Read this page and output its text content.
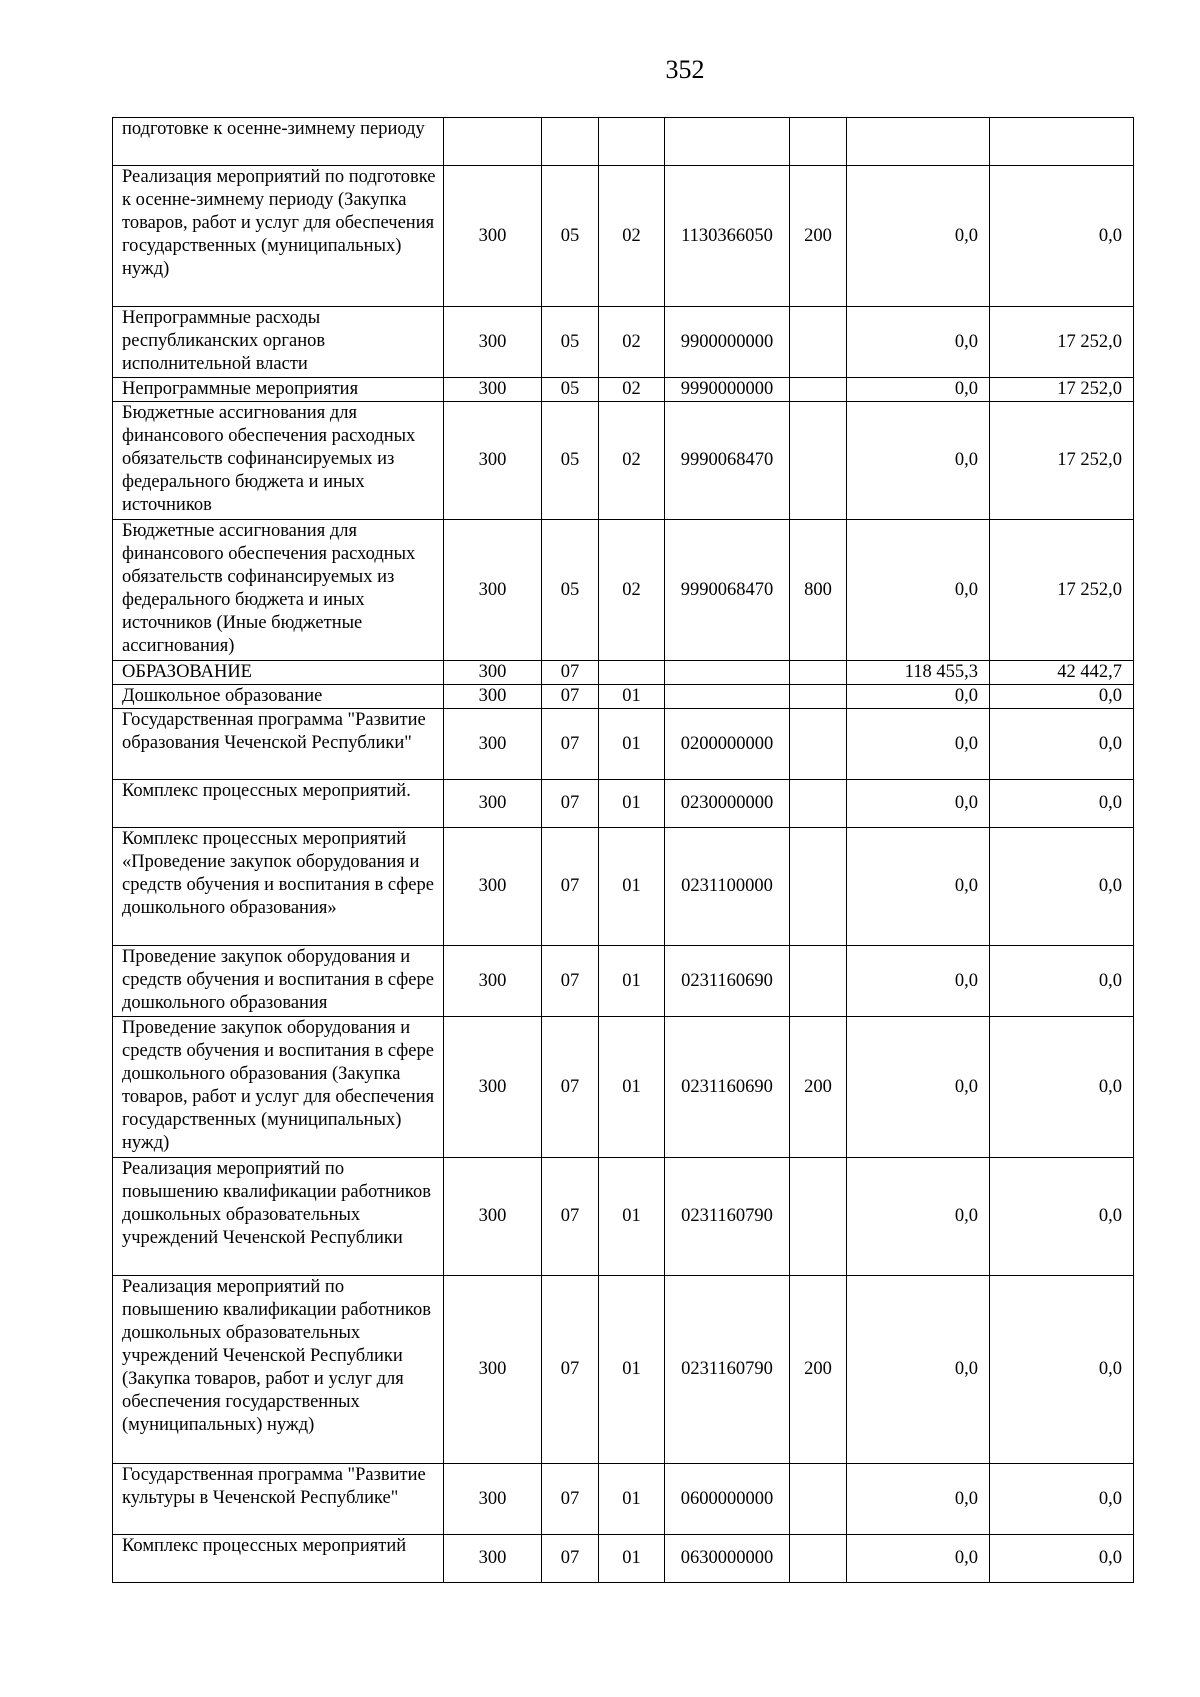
352
подготовке к осенне-зимнему периоду							
Реализация мероприятий по подготовке к осенне-зимнему периоду (Закупка товаров, работ и услуг для обеспечения государственных (муниципальных) нужд)	300	05	02	1130366050	200	0,0	0,0
Непрограммные расходы республиканских органов исполнительной власти	300	05	02	9900000000		0,0	17 252,0
Непрограммные мероприятия	300	05	02	9990000000		0,0	17 252,0
Бюджетные ассигнования для финансового обеспечения расходных обязательств софинансируемых из федерального бюджета и иных источников	300	05	02	9990068470		0,0	17 252,0
Бюджетные ассигнования для финансового обеспечения расходных обязательств софинансируемых из федерального бюджета и иных источников (Иные бюджетные ассигнования)	300	05	02	9990068470	800	0,0	17 252,0
ОБРАЗОВАНИЕ	300	07				118 455,3	42 442,7
Дошкольное образование	300	07	01			0,0	0,0
Государственная программа "Развитие образования Чеченской Республики"	300	07	01	0200000000		0,0	0,0
Комплекс процессных мероприятий.	300	07	01	0230000000		0,0	0,0
Комплекс процессных мероприятий «Проведение закупок оборудования и средств обучения и воспитания в сфере дошкольного образования»	300	07	01	0231100000		0,0	0,0
Проведение закупок оборудования и средств обучения и воспитания в сфере дошкольного образования	300	07	01	0231160690		0,0	0,0
Проведение закупок оборудования и средств обучения и воспитания в сфере дошкольного образования (Закупка товаров, работ и услуг для обеспечения государственных (муниципальных) нужд)	300	07	01	0231160690	200	0,0	0,0
Реализация мероприятий по повышению квалификации работников дошкольных образовательных учреждений Чеченской Республики	300	07	01	0231160790		0,0	0,0
Реализация мероприятий по повышению квалификации работников дошкольных образовательных учреждений Чеченской Республики (Закупка товаров, работ и услуг для обеспечения государственных (муниципальных) нужд)	300	07	01	0231160790	200	0,0	0,0
Государственная программа "Развитие культуры в Чеченской Республике"	300	07	01	0600000000		0,0	0,0
Комплекс процессных мероприятий	300	07	01	0630000000		0,0	0,0
